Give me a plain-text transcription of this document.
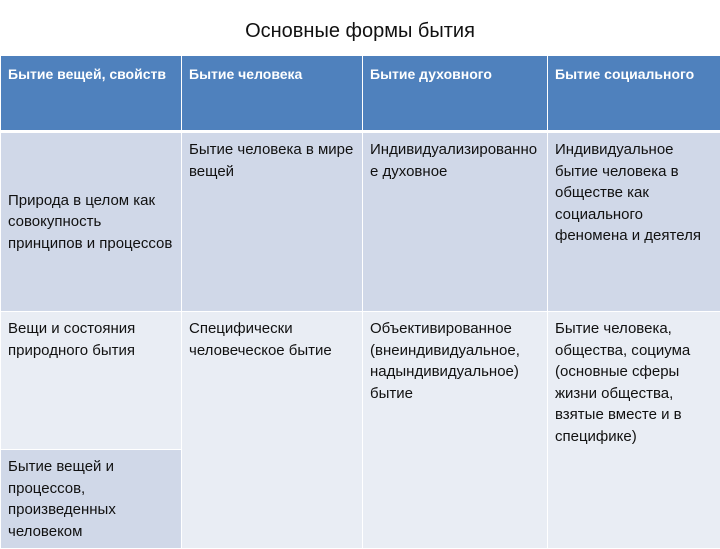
Основные формы бытия
Бытие вещей, свойств	Бытие человека	Бытие духовного	Бытие социального
Природа в целом как совокупность принципов и процессов	Бытие человека в мире вещей	Индивидуализированное духовное	Индивидуальное бытие человека в обществе как социального феномена и деятеля
Вещи и состояния природного бытия	Специфически человеческое бытие	Объективированное (внеиндивидуальное, надындивидуальное) бытие	Бытие человека, общества, социума (основные сферы жизни общества, взятые вместе и в специфике)
Бытие вещей и процессов, произведенных человеком			
